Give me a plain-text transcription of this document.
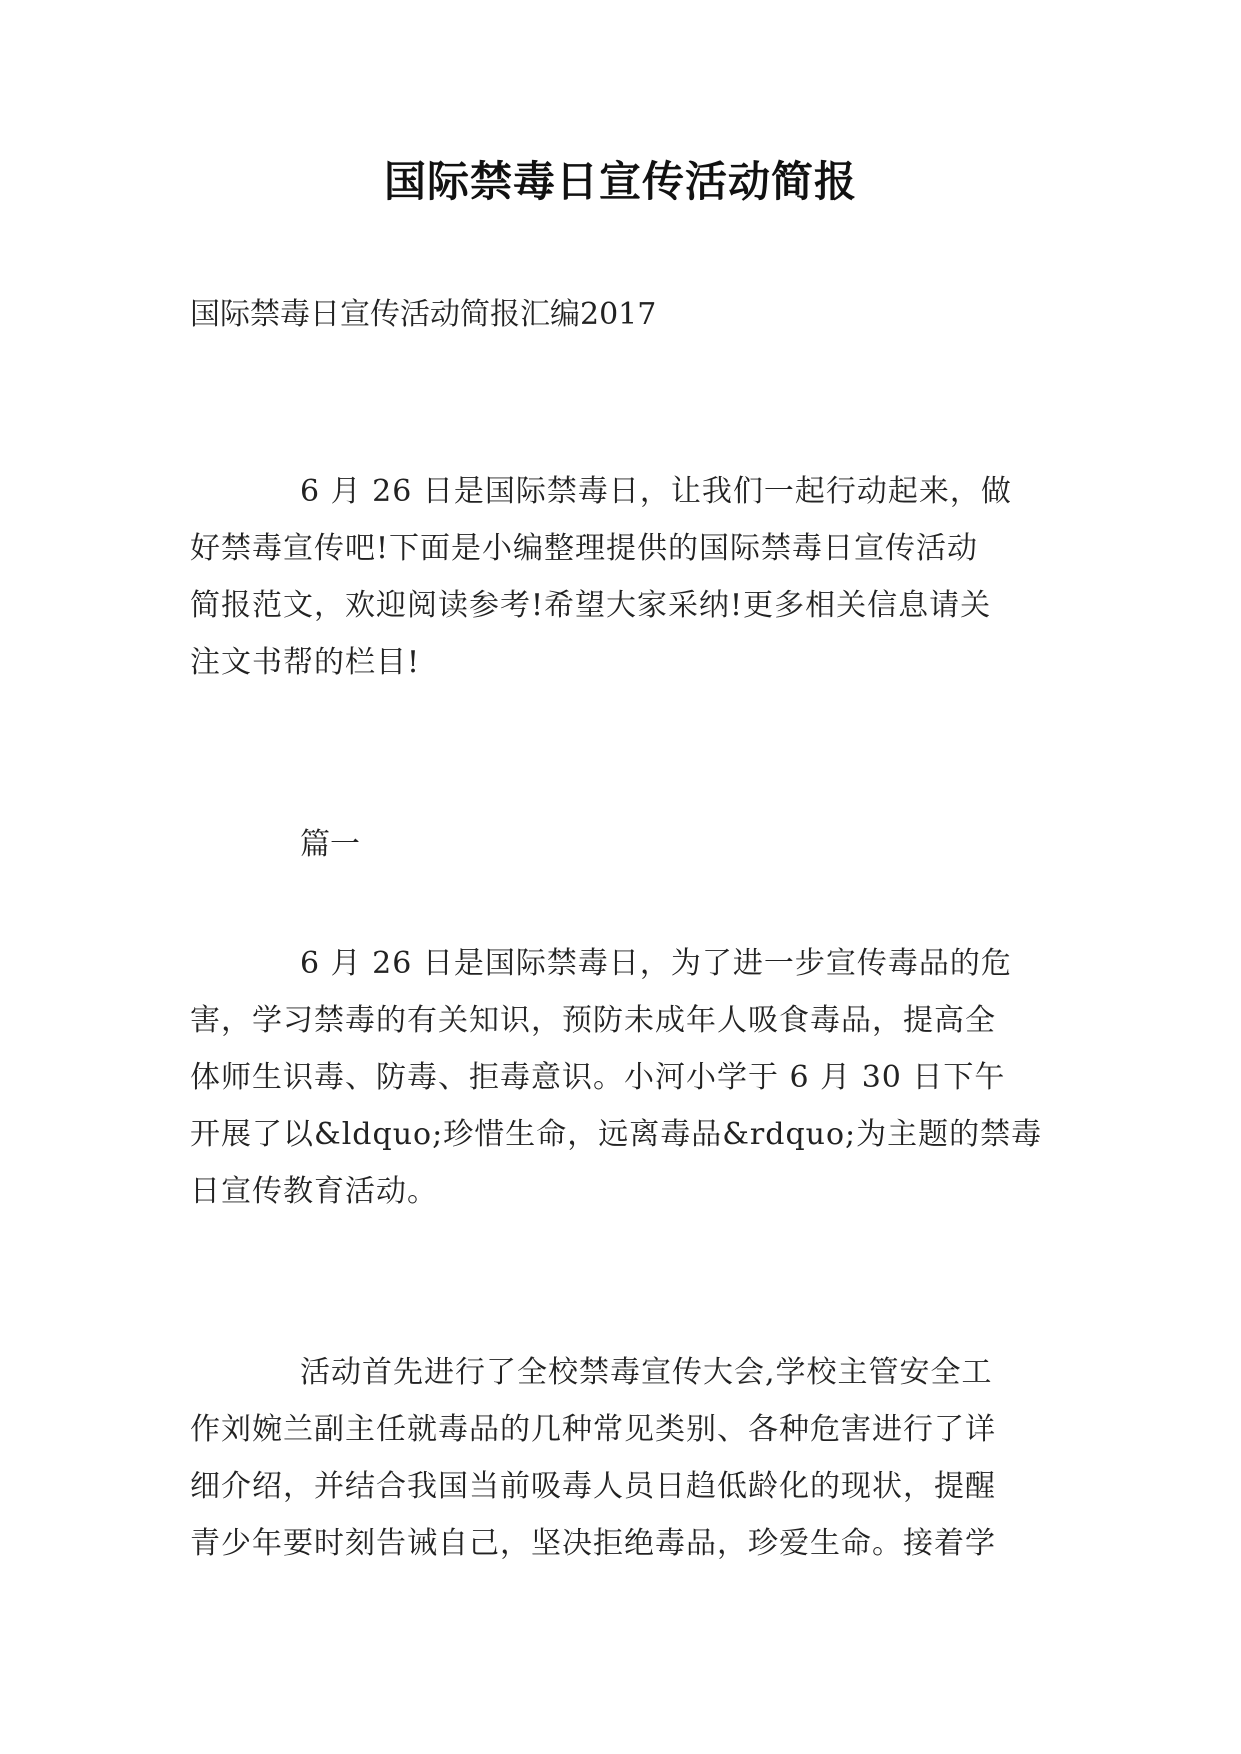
国际禁毒日宣传活动简报
国际禁毒日宣传活动简报汇编2017
6 月 26 日是国际禁毒日，让我们一起行动起来，做
好禁毒宣传吧!下面是小编整理提供的国际禁毒日宣传活动
简报范文，欢迎阅读参考!希望大家采纳!更多相关信息请关
注文书帮的栏目!
篇一
6 月 26 日是国际禁毒日，为了进一步宣传毒品的危
害，学习禁毒的有关知识，预防未成年人吸食毒品，提高全
体师生识毒、防毒、拒毒意识。小河小学于 6 月 30 日下午
开展了以&ldquo;珍惜生命，远离毒品&rdquo;为主题的禁毒
日宣传教育活动。
活动首先进行了全校禁毒宣传大会,学校主管安全工
作刘婉兰副主任就毒品的几种常见类别、各种危害进行了详
细介绍，并结合我国当前吸毒人员日趋低龄化的现状，提醒
青少年要时刻告诫自己，坚决拒绝毒品，珍爱生命。接着学
